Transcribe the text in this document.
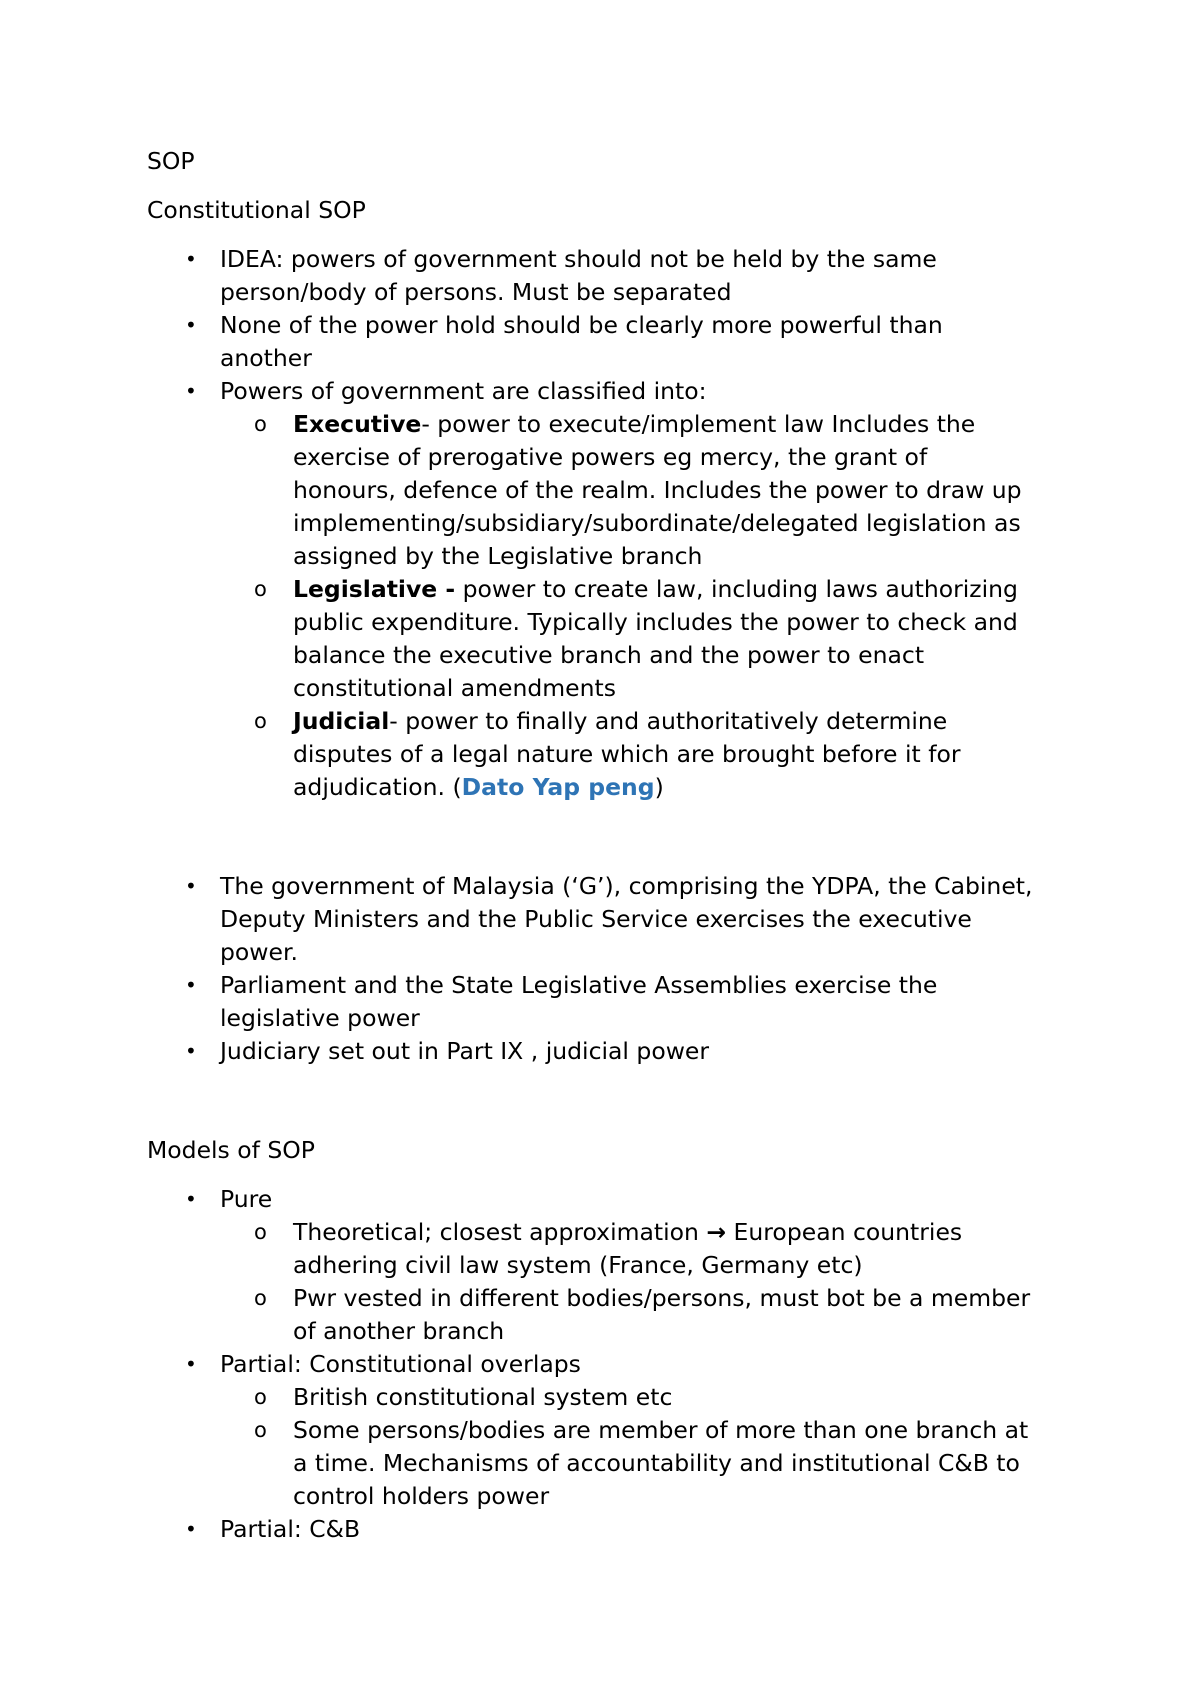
SOP
Constitutional SOP
• IDEA: powers of government should not be held by the same
person/body of persons. Must be separated
• None of the power hold should be clearly more powerful than
another
• Powers of government are classified into:
o Executive- power to execute/implement law Includes the
exercise of prerogative powers eg mercy, the grant of
honours, defence of the realm. Includes the power to draw up
implementing/subsidiary/subordinate/delegated legislation as
assigned by the Legislative branch
o Legislative - power to create law, including laws authorizing
public expenditure. Typically includes the power to check and
balance the executive branch and the power to enact
constitutional amendments
o Judicial- power to finally and authoritatively determine
disputes of a legal nature which are brought before it for
adjudication. (Dato Yap peng)
• The government of Malaysia (‘G’), comprising the YDPA, the Cabinet,
Deputy Ministers and the Public Service exercises the executive
power.
• Parliament and the State Legislative Assemblies exercise the
legislative power
• Judiciary set out in Part IX , judicial power
Models of SOP
• Pure
o Theoretical; closest approximation → European countries
adhering civil law system (France, Germany etc)
o Pwr vested in different bodies/persons, must bot be a member
of another branch
• Partial: Constitutional overlaps
o British constitutional system etc
o Some persons/bodies are member of more than one branch at
a time. Mechanisms of accountability and institutional C&B to
control holders power
• Partial: C&B
